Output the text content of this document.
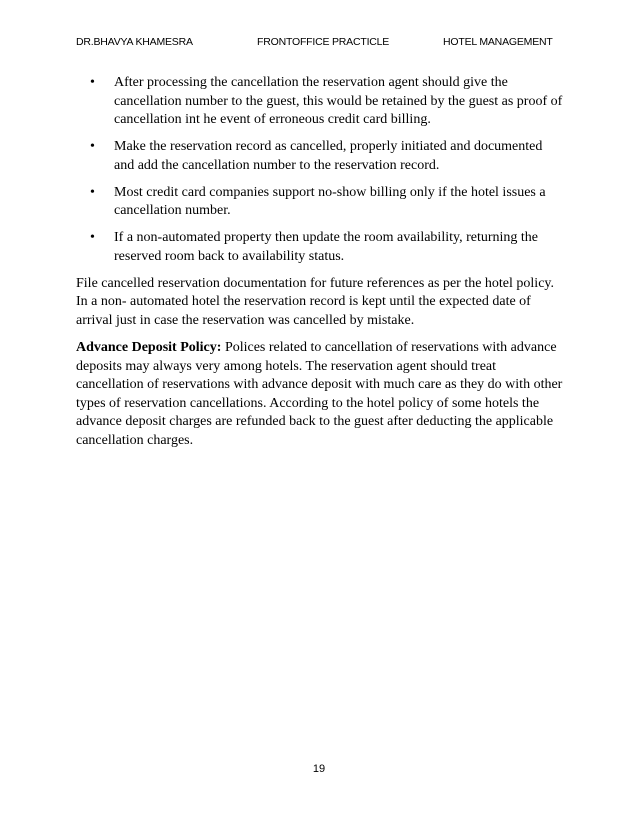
DR.BHAVYA KHAMESRA	FRONTOFFICE PRACTICLE	HOTEL MANAGEMENT
• After processing the cancellation the reservation agent should give the cancellation number to the guest, this would be retained by the guest as proof of cancellation int he event of erroneous credit card billing.
• Make the reservation record as cancelled, properly initiated and documented and add the cancellation number to the reservation record.
• Most credit card companies support no-show billing only if the hotel issues a cancellation number.
• If a non-automated property then update the room availability, returning the reserved room back to availability status.

File cancelled reservation documentation for future references as per the hotel policy. In a non- automated hotel the reservation record is kept until the expected date of arrival just in case the reservation was cancelled by mistake.

Advance Deposit Policy: Polices related to cancellation of reservations with advance deposits may always very among hotels. The reservation agent should treat cancellation of reservations with advance deposit with much care as they do with other types of reservation cancellations. According to the hotel policy of some hotels the advance deposit charges are refunded back to the guest after deducting the applicable cancellation charges.

19
